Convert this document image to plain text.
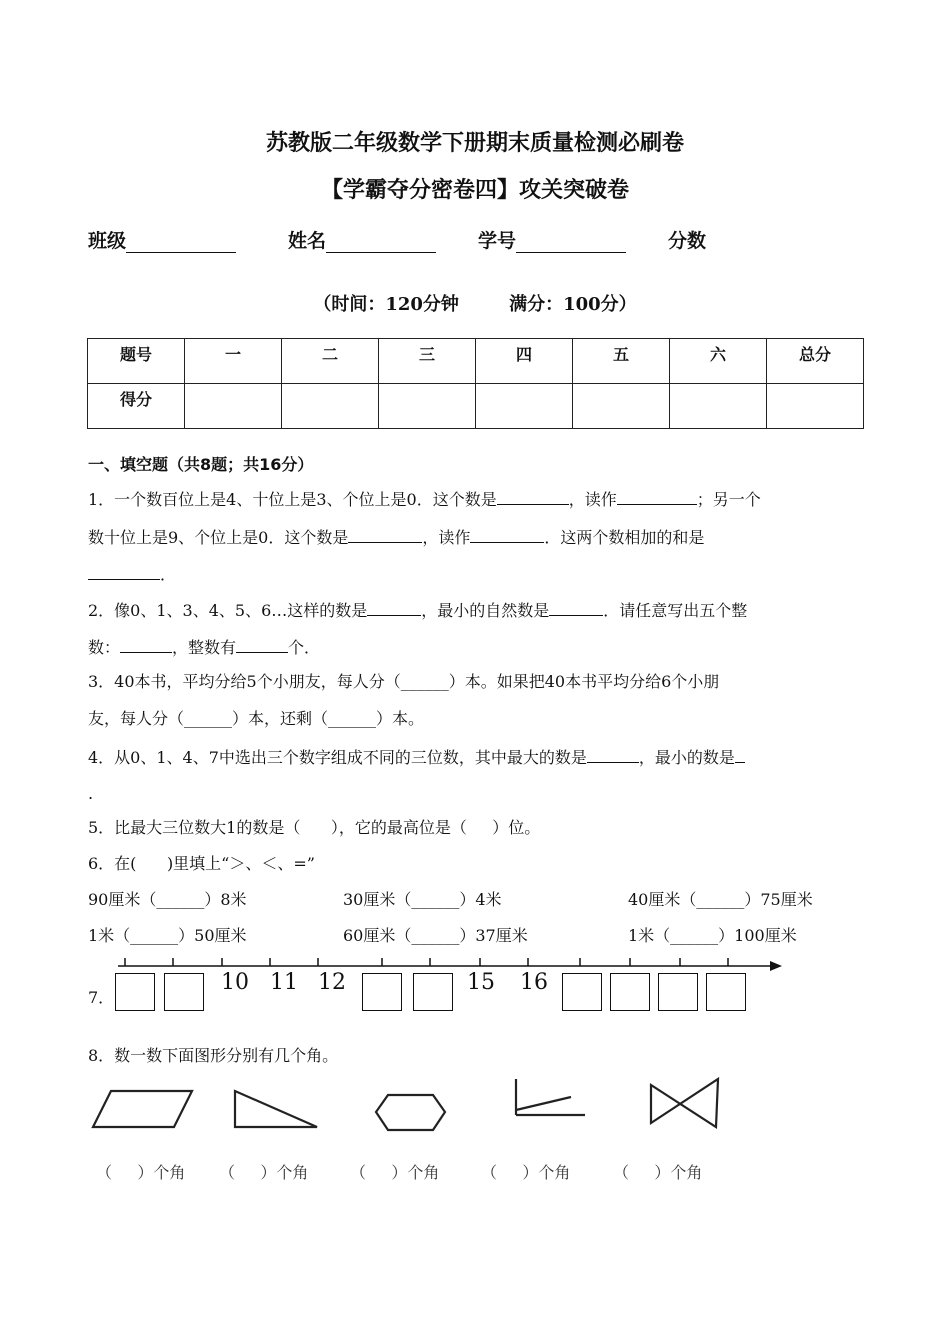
苏教版二年级数学下册期末质量检测必刷卷
【学霸夺分密卷四】攻关突破卷
班级	姓名	学号	分数
（时间：120分钟        满分：100分）
题号	一	二	三	四	五	六	总分
得分							
一、填空题（共8题；共16分）
1．一个数百位上是4、十位上是3、个位上是0．这个数是	，读作	；另一个
数十位上是9、个位上是0．这个数是	，读作	．这两个数相加的和是
．
2．像0、1、3、4、5、6…这样的数是	，最小的自然数是	．请任意写出五个整
数：	，整数有	个．
3．40本书，平均分给5个小朋友，每人分（______）本。如果把40本书平均分给6个小朋
友，每人分（______）本，还剩（______）本。
4．从0、1、4、7中选出三个数字组成不同的三位数，其中最大的数是	，最小的数是
.
5．比最大三位数大1的数是（      ），它的最高位是（     ）位。
6．在(      )里填上“＞、＜、=”
90厘米（______）8米	30厘米（______）4米	40厘米（______）75厘米
1米（______）50厘米	60厘米（______）37厘米	1米（______）100厘米
7．
10 11 12	15 16
8．数一数下面图形分别有几个角。
（     ）个角 （     ）个角	（     ）个角	（     ）个角	（     ）个角
